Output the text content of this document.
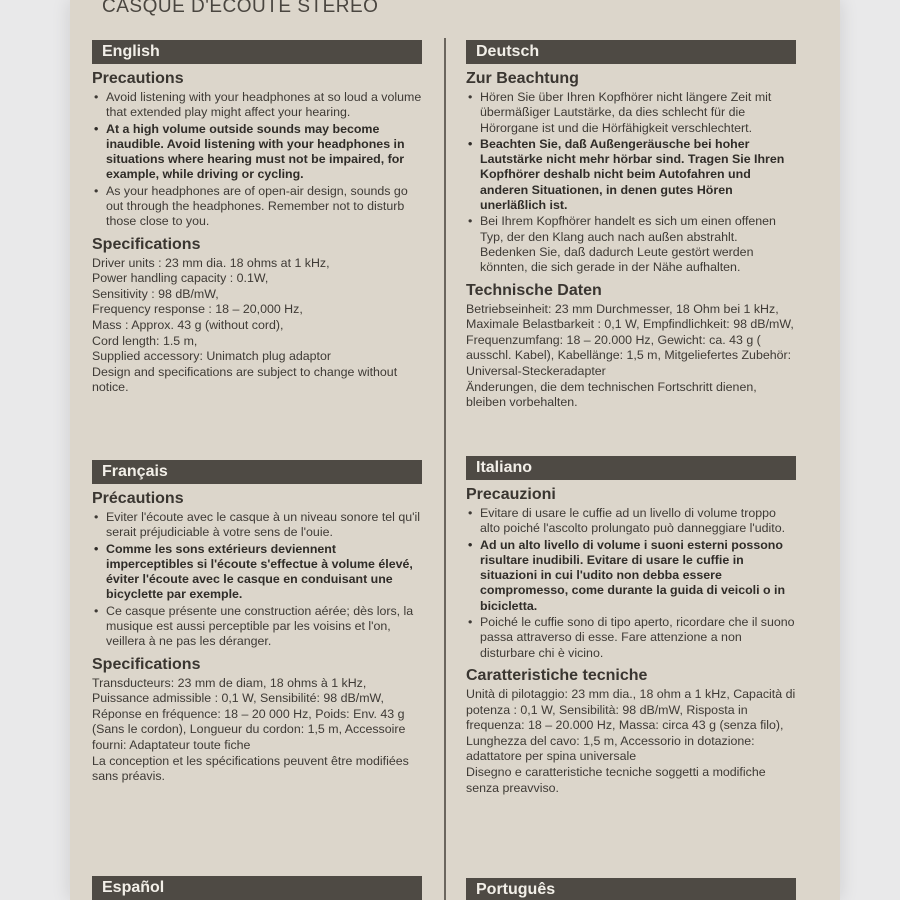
CASQUE D'ECOUTE STEREO
English
Precautions
• Avoid listening with your headphones at so loud a volume that extended play might affect your hearing.
• At a high volume outside sounds may become inaudible. Avoid listening with your headphones in situations where hearing must not be impaired, for example, while driving or cycling.
• As your headphones are of open-air design, sounds go out through the headphones. Remember not to disturb those close to you.
Specifications
Driver units : 23 mm dia. 18 ohms at 1 kHz,
Power handling capacity : 0.1W,
Sensitivity : 98 dB/mW,
Frequency response : 18 – 20,000 Hz,
Mass : Approx. 43 g (without cord),
Cord length: 1.5 m,
Supplied accessory: Unimatch plug adaptor
Design and specifications are subject to change without notice.
Français
Précautions
• Eviter l'écoute avec le casque à un niveau sonore tel qu'il serait préjudiciable à votre sens de l'ouie.
• Comme les sons extérieurs deviennent imperceptibles si l'écoute s'effectue à volume élevé, éviter l'écoute avec le casque en conduisant une bicyclette par exemple.
• Ce casque présente une construction aérée; dès lors, la musique est aussi perceptible par les voisins et l'on, veillera à ne pas les déranger.
Specifications
Transducteurs: 23 mm de diam, 18 ohms à 1 kHz, Puissance admissible : 0,1 W, Sensibilité: 98 dB/mW, Réponse en fréquence: 18 – 20 000 Hz, Poids: Env. 43 g (Sans le cordon), Longueur du cordon: 1,5 m, Accessoire fourni: Adaptateur toute fiche
La conception et les spécifications peuvent être modifiées sans préavis.
Español
Deutsch
Zur Beachtung
• Hören Sie über Ihren Kopfhörer nicht längere Zeit mit übermäßiger Lautstärke, da dies schlecht für die Hörorgane ist und die Hörfähigkeit verschlechtert.
• Beachten Sie, daß Außengeräusche bei hoher Lautstärke nicht mehr hörbar sind. Tragen Sie Ihren Kopfhörer deshalb nicht beim Autofahren und anderen Situationen, in denen gutes Hören unerläßlich ist.
• Bei Ihrem Kopfhörer handelt es sich um einen offenen Typ, der den Klang auch nach außen abstrahlt. Bedenken Sie, daß dadurch Leute gestört werden könnten, die sich gerade in der Nähe aufhalten.
Technische Daten
Betriebseinheit: 23 mm Durchmesser, 18 Ohm bei 1 kHz, Maximale Belastbarkeit : 0,1 W, Empfindlichkeit: 98 dB/mW, Frequenzumfang: 18 – 20.000 Hz, Gewicht: ca. 43 g ( ausschl. Kabel), Kabellänge: 1,5 m, Mitgeliefertes Zubehör: Universal-Steckeradapter
Änderungen, die dem technischen Fortschritt dienen, bleiben vorbehalten.
Italiano
Precauzioni
• Evitare di usare le cuffie ad un livello di volume troppo alto poiché l'ascolto prolungato può danneggiare l'udito.
• Ad un alto livello di volume i suoni esterni possono risultare inudibili. Evitare di usare le cuffie in situazioni in cui l'udito non debba essere compromesso, come durante la guida di veicoli o in bicicletta.
• Poiché le cuffie sono di tipo aperto, ricordare che il suono passa attraverso di esse. Fare attenzione a non disturbare chi è vicino.
Caratteristiche tecniche
Unità di pilotaggio: 23 mm dia., 18 ohm a 1 kHz, Capacità di potenza : 0,1 W, Sensibilità: 98 dB/mW, Risposta in frequenza: 18 – 20.000 Hz, Massa: circa 43 g (senza filo), Lunghezza del cavo: 1,5 m, Accessorio in dotazione: adattatore per spina universale
Disegno e caratteristiche tecniche soggetti a modifiche senza preavviso.
Português
